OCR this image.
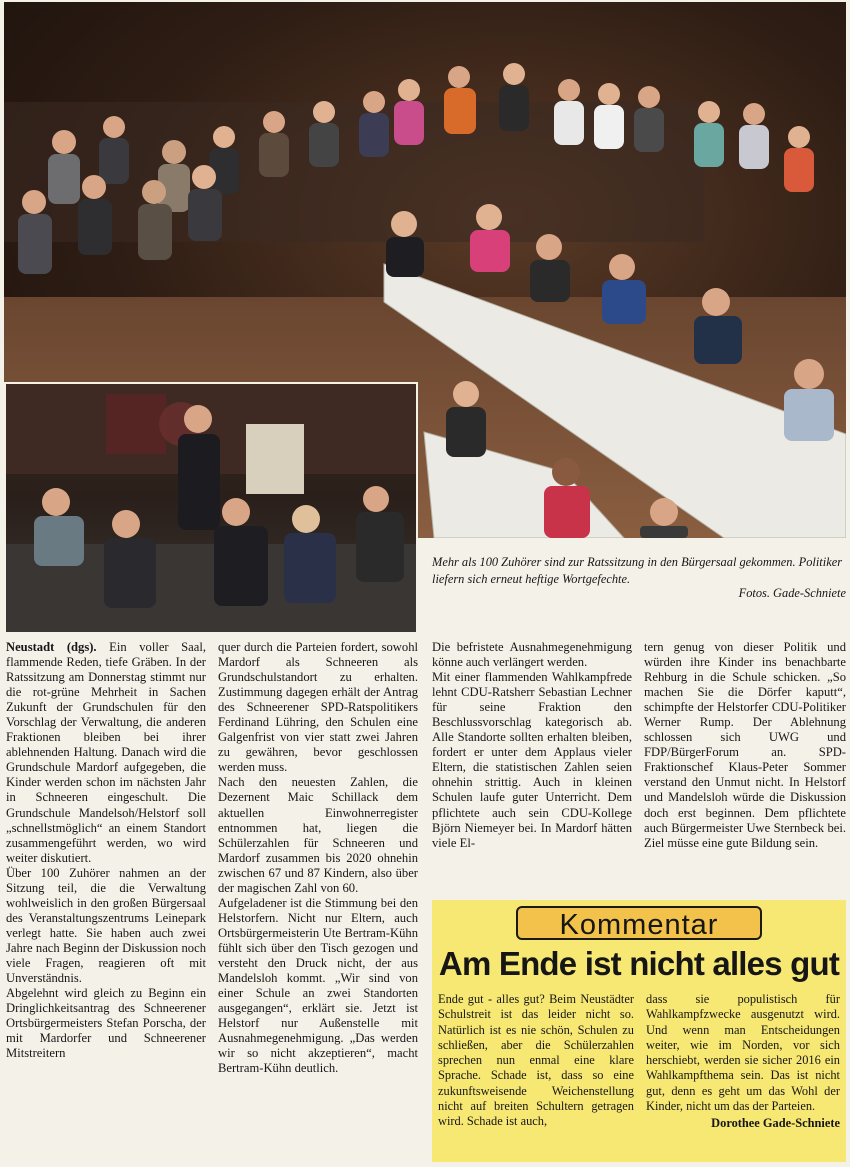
Mehr als 100 Zuhörer sind zur Ratssitzung in den Bürgersaal gekommen. Politiker liefern sich erneut heftige Wortgefechte.
Fotos. Gade-Schniete

Neustadt (dgs). Ein voller Saal, flammende Reden, tiefe Gräben. In der Ratssitzung am Donnerstag stimmt nur die rot-grüne Mehrheit in Sachen Zukunft der Grundschulen für den Vorschlag der Verwaltung, die anderen Fraktionen bleiben bei ihrer ablehnenden Haltung. Danach wird die Grundschule Mardorf aufgegeben, die Kinder werden schon im nächsten Jahr in Schneeren eingeschult. Die Grundschule Mandelsoh/Helstorf soll „schnellstmöglich“ an einem Standort zusammengeführt werden, wo wird weiter diskutiert.

Über 100 Zuhörer nahmen an der Sitzung teil, die die Verwaltung wohlweislich in den großen Bürgersaal des Veranstaltungszentrums Leinepark verlegt hatte. Sie haben auch zwei Jahre nach Beginn der Diskussion noch viele Fragen, reagieren oft mit Unverständnis.

Abgelehnt wird gleich zu Beginn ein Dringlichkeitsantrag des Schneerener Ortsbürgermeisters Stefan Porscha, der mit Mardorfer und Schneerener Mitstreitern

quer durch die Parteien fordert, sowohl Mardorf als Schneeren als Grundschulstandort zu erhalten. Zustimmung dagegen erhält der Antrag des Schneerener SPD-Ratspolitikers Ferdinand Lühring, den Schulen eine Galgenfrist von vier statt zwei Jahren zu gewähren, bevor geschlossen werden muss.

Nach den neuesten Zahlen, die Dezernent Maic Schillack dem aktuellen Einwohnerregister entnommen hat, liegen die Schülerzahlen für Schneeren und Mardorf zusammen bis 2020 ohnehin zwischen 67 und 87 Kindern, also über der magischen Zahl von 60.

Aufgeladener ist die Stimmung bei den Helstorfern. Nicht nur Eltern, auch Ortsbürgermeisterin Ute Bertram-Kühn fühlt sich über den Tisch gezogen und versteht den Druck nicht, der aus Mandelsloh kommt. „Wir sind von einer Schule an zwei Standorten ausgegangen“, erklärt sie. Jetzt ist Helstorf nur Außenstelle mit Ausnahmegenehmigung. „Das werden wir so nicht akzeptieren“, macht Bertram-Kühn deutlich.

Die befristete Ausnahmegenehmigung könne auch verlängert werden.

Mit einer flammenden Wahlkampfrede lehnt CDU-Ratsherr Sebastian Lechner für seine Fraktion den Beschlussvorschlag kategorisch ab. Alle Standorte sollten erhalten bleiben, fordert er unter dem Applaus vieler Eltern, die statistischen Zahlen seien ohnehin strittig. Auch in kleinen Schulen laufe guter Unterricht. Dem pflichtete auch sein CDU-Kollege Björn Niemeyer bei. In Mardorf hätten viele El-

tern genug von dieser Politik und würden ihre Kinder ins benachbarte Rehburg in die Schule schicken. „So machen Sie die Dörfer kaputt“, schimpfte der Helstorfer CDU-Politiker Werner Rump. Der Ablehnung schlossen sich UWG und FDP/BürgerForum an. SPD-Fraktionschef Klaus-Peter Sommer verstand den Unmut nicht. In Helstorf und Mandelsloh würde die Diskussion doch erst beginnen. Dem pflichtete auch Bürgermeister Uwe Sternbeck bei. Ziel müsse eine gute Bildung sein.

Kommentar
Am Ende ist nicht alles gut
Ende gut - alles gut? Beim Neustädter Schulstreit ist das leider nicht so. Natürlich ist es nie schön, Schulen zu schließen, aber die Schülerzahlen sprechen nun enmal eine klare Sprache. Schade ist, dass so eine zukunftsweisende Weichenstellung nicht auf breiten Schultern getragen wird. Schade ist auch,
dass sie populistisch für Wahlkampfzwecke ausgenutzt wird. Und wenn man Entscheidungen weiter, wie im Norden, vor sich herschiebt, werden sie sicher 2016 ein Wahlkampfthema sein. Das ist nicht gut, denn es geht um das Wohl der Kinder, nicht um das der Parteien.
Dorothee Gade-Schniete
